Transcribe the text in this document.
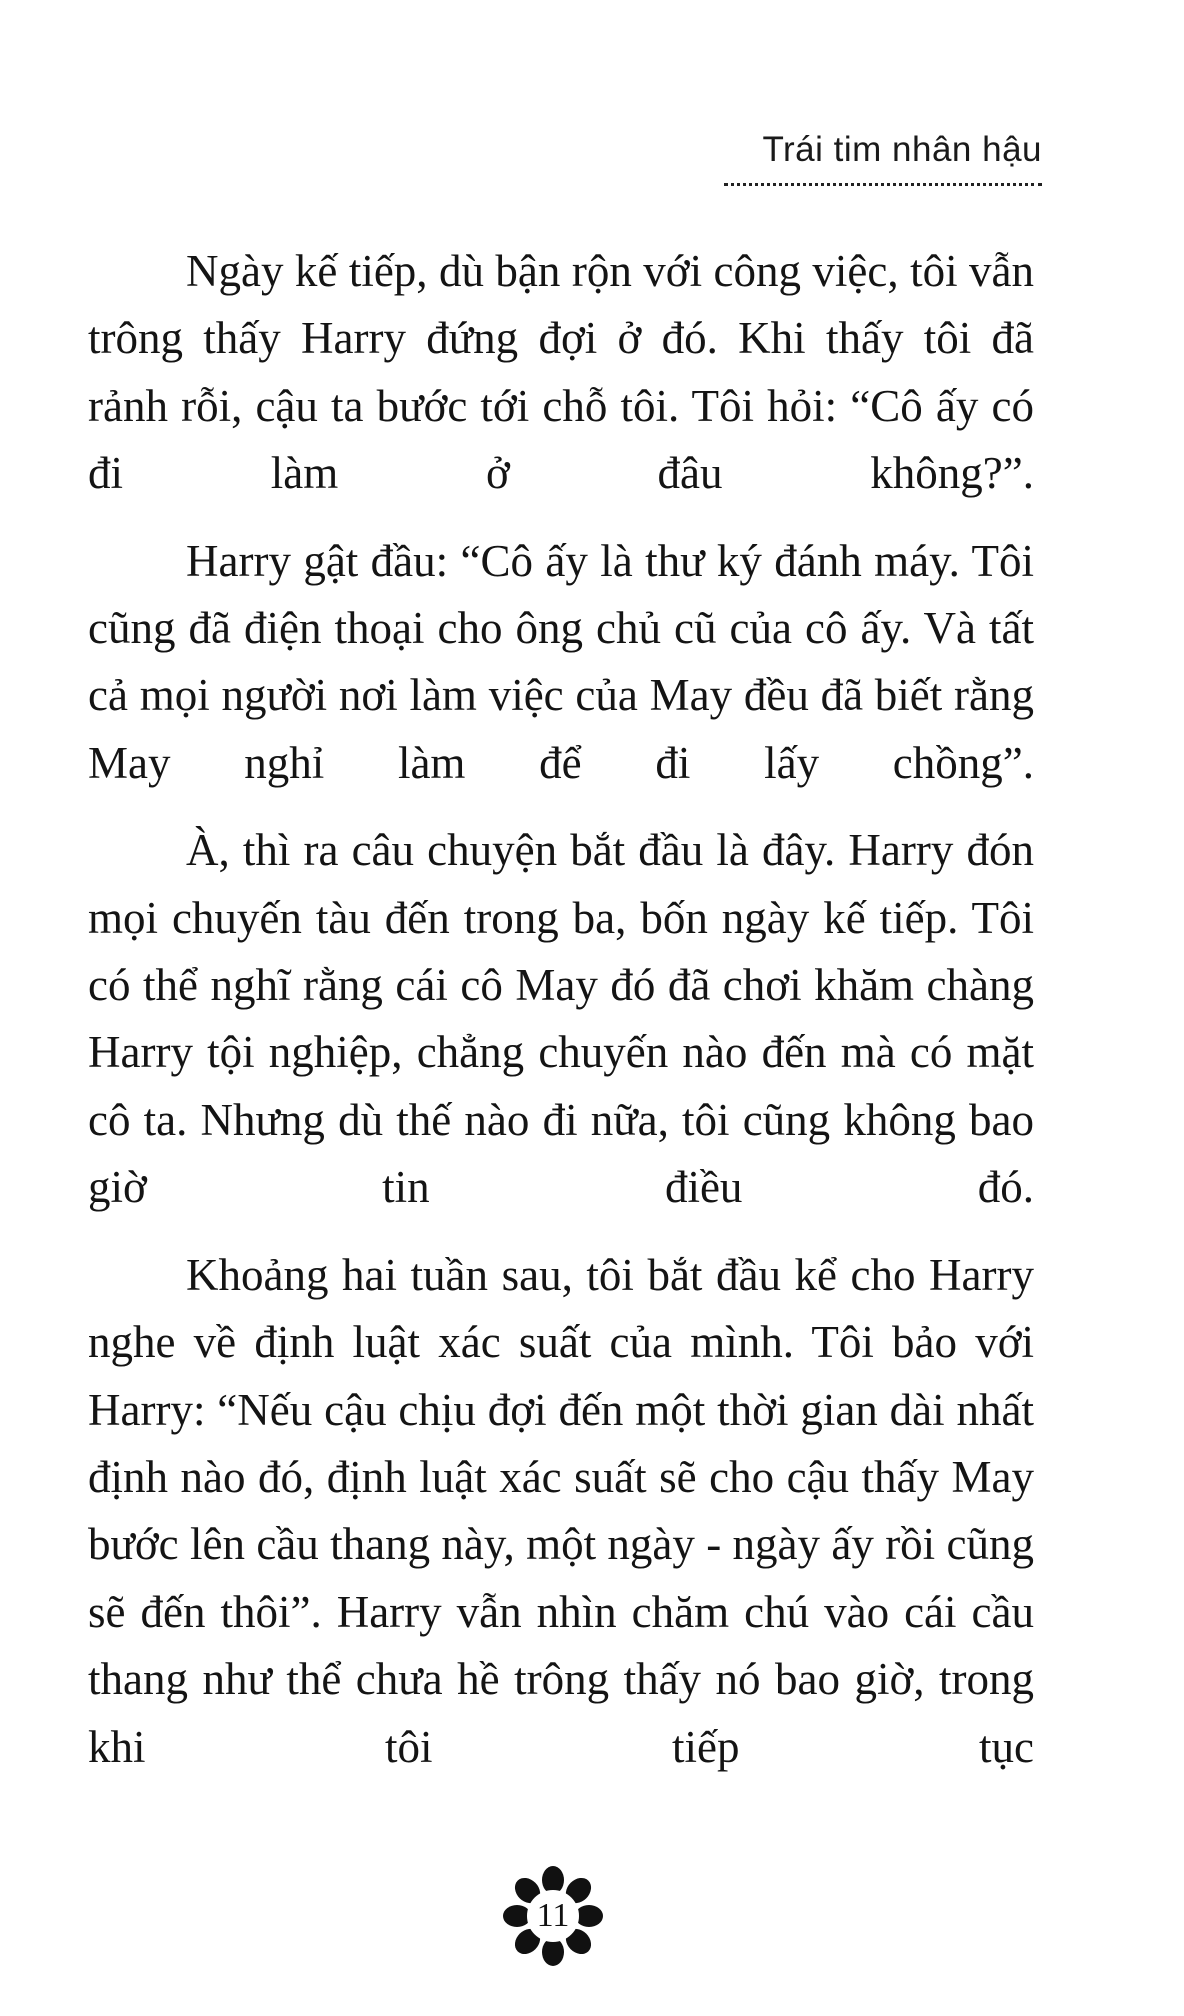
Trái tim nhân hậu

Ngày kế tiếp, dù bận rộn với công việc, tôi vẫn trông thấy Harry đứng đợi ở đó. Khi thấy tôi đã rảnh rỗi, cậu ta bước tới chỗ tôi. Tôi hỏi: “Cô ấy có đi làm ở đâu không?”.

Harry gật đầu: “Cô ấy là thư ký đánh máy. Tôi cũng đã điện thoại cho ông chủ cũ của cô ấy. Và tất cả mọi người nơi làm việc của May đều đã biết rằng May nghỉ làm để đi lấy chồng”.

À, thì ra câu chuyện bắt đầu là đây. Harry đón mọi chuyến tàu đến trong ba, bốn ngày kế tiếp. Tôi có thể nghĩ rằng cái cô May đó đã chơi khăm chàng Harry tội nghiệp, chẳng chuyến nào đến mà có mặt cô ta. Nhưng dù thế nào đi nữa, tôi cũng không bao giờ tin điều đó.

Khoảng hai tuần sau, tôi bắt đầu kể cho Harry nghe về định luật xác suất của mình. Tôi bảo với Harry: “Nếu cậu chịu đợi đến một thời gian dài nhất định nào đó, định luật xác suất sẽ cho cậu thấy May bước lên cầu thang này, một ngày - ngày ấy rồi cũng sẽ đến thôi”. Harry vẫn nhìn chăm chú vào cái cầu thang như thể chưa hề trông thấy nó bao giờ, trong khi tôi tiếp tục

11
